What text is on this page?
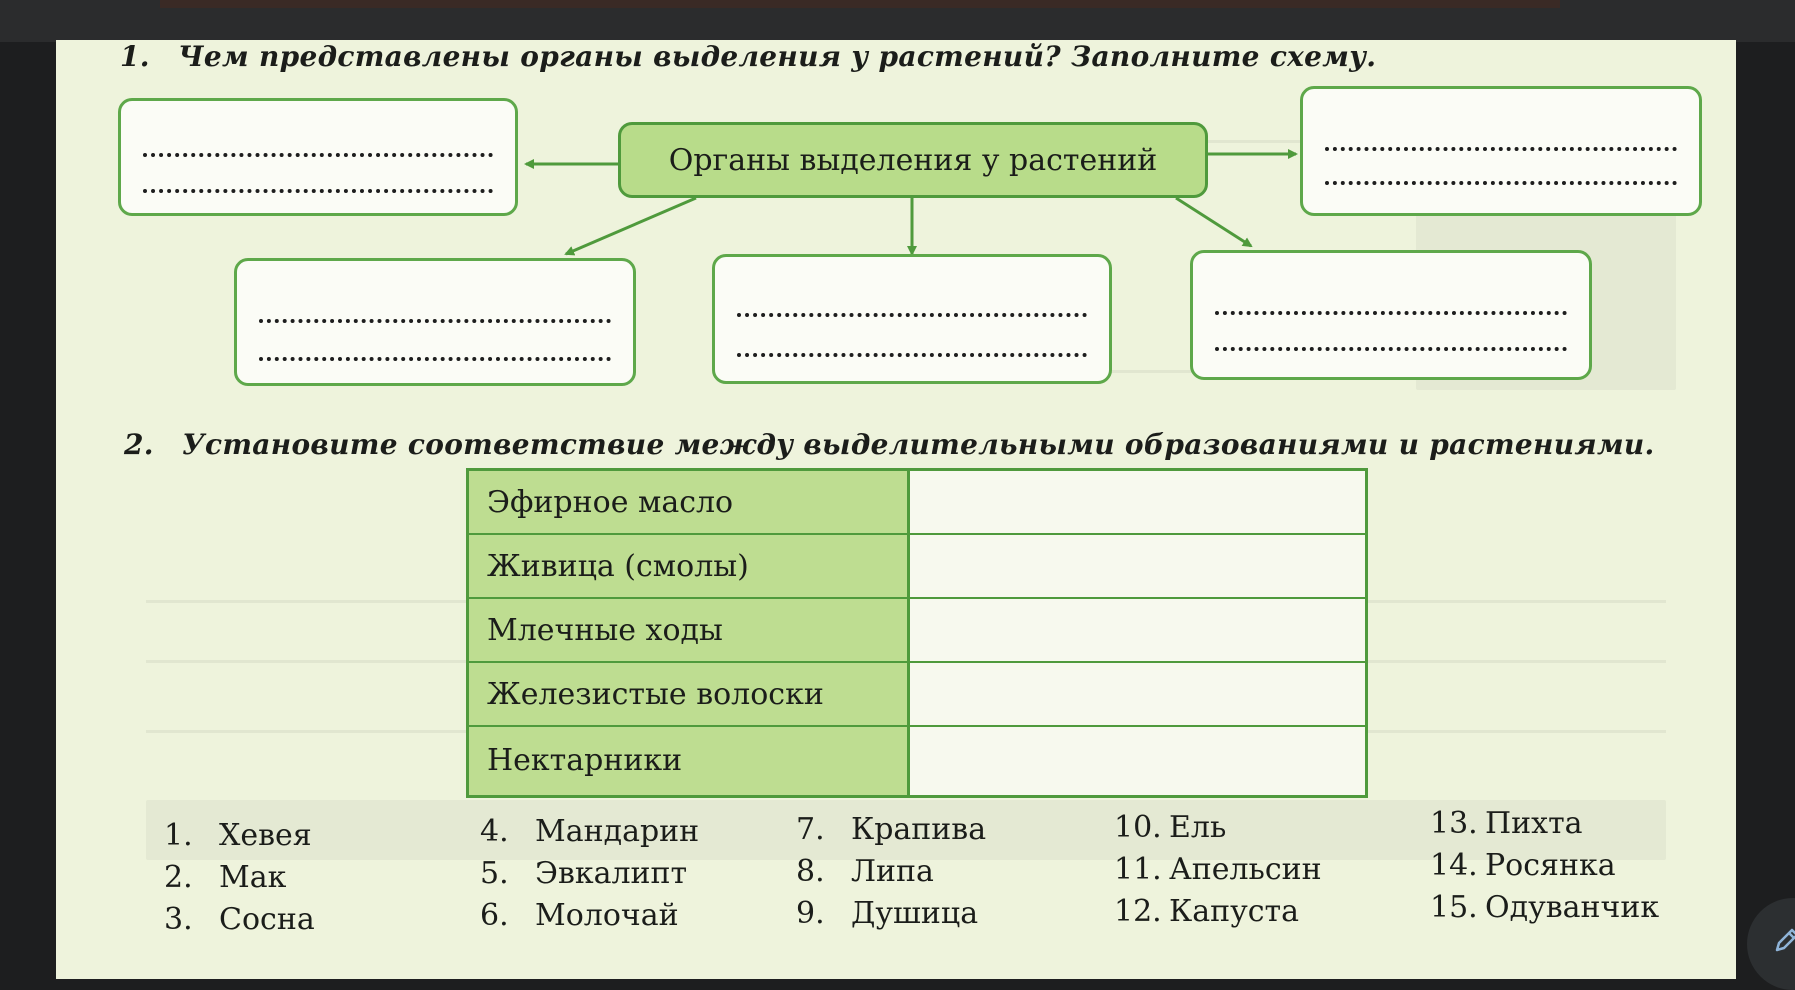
1. Чем представлены органы выделения у растений? Заполните схему.
Органы выделения у растений
2. Установите соответствие между выделительными образованиями и растениями.
Эфирное масло
Живица (смолы)
Млечные ходы
Железистые волоски
Нектарники
1. Хевея
2. Мак
3. Сосна
4. Мандарин
5. Эвкалипт
6. Молочай
7. Крапива
8. Липа
9. Душица
10. Ель
11. Апельсин
12. Капуста
13. Пихта
14. Росянка
15. Одуванчик
